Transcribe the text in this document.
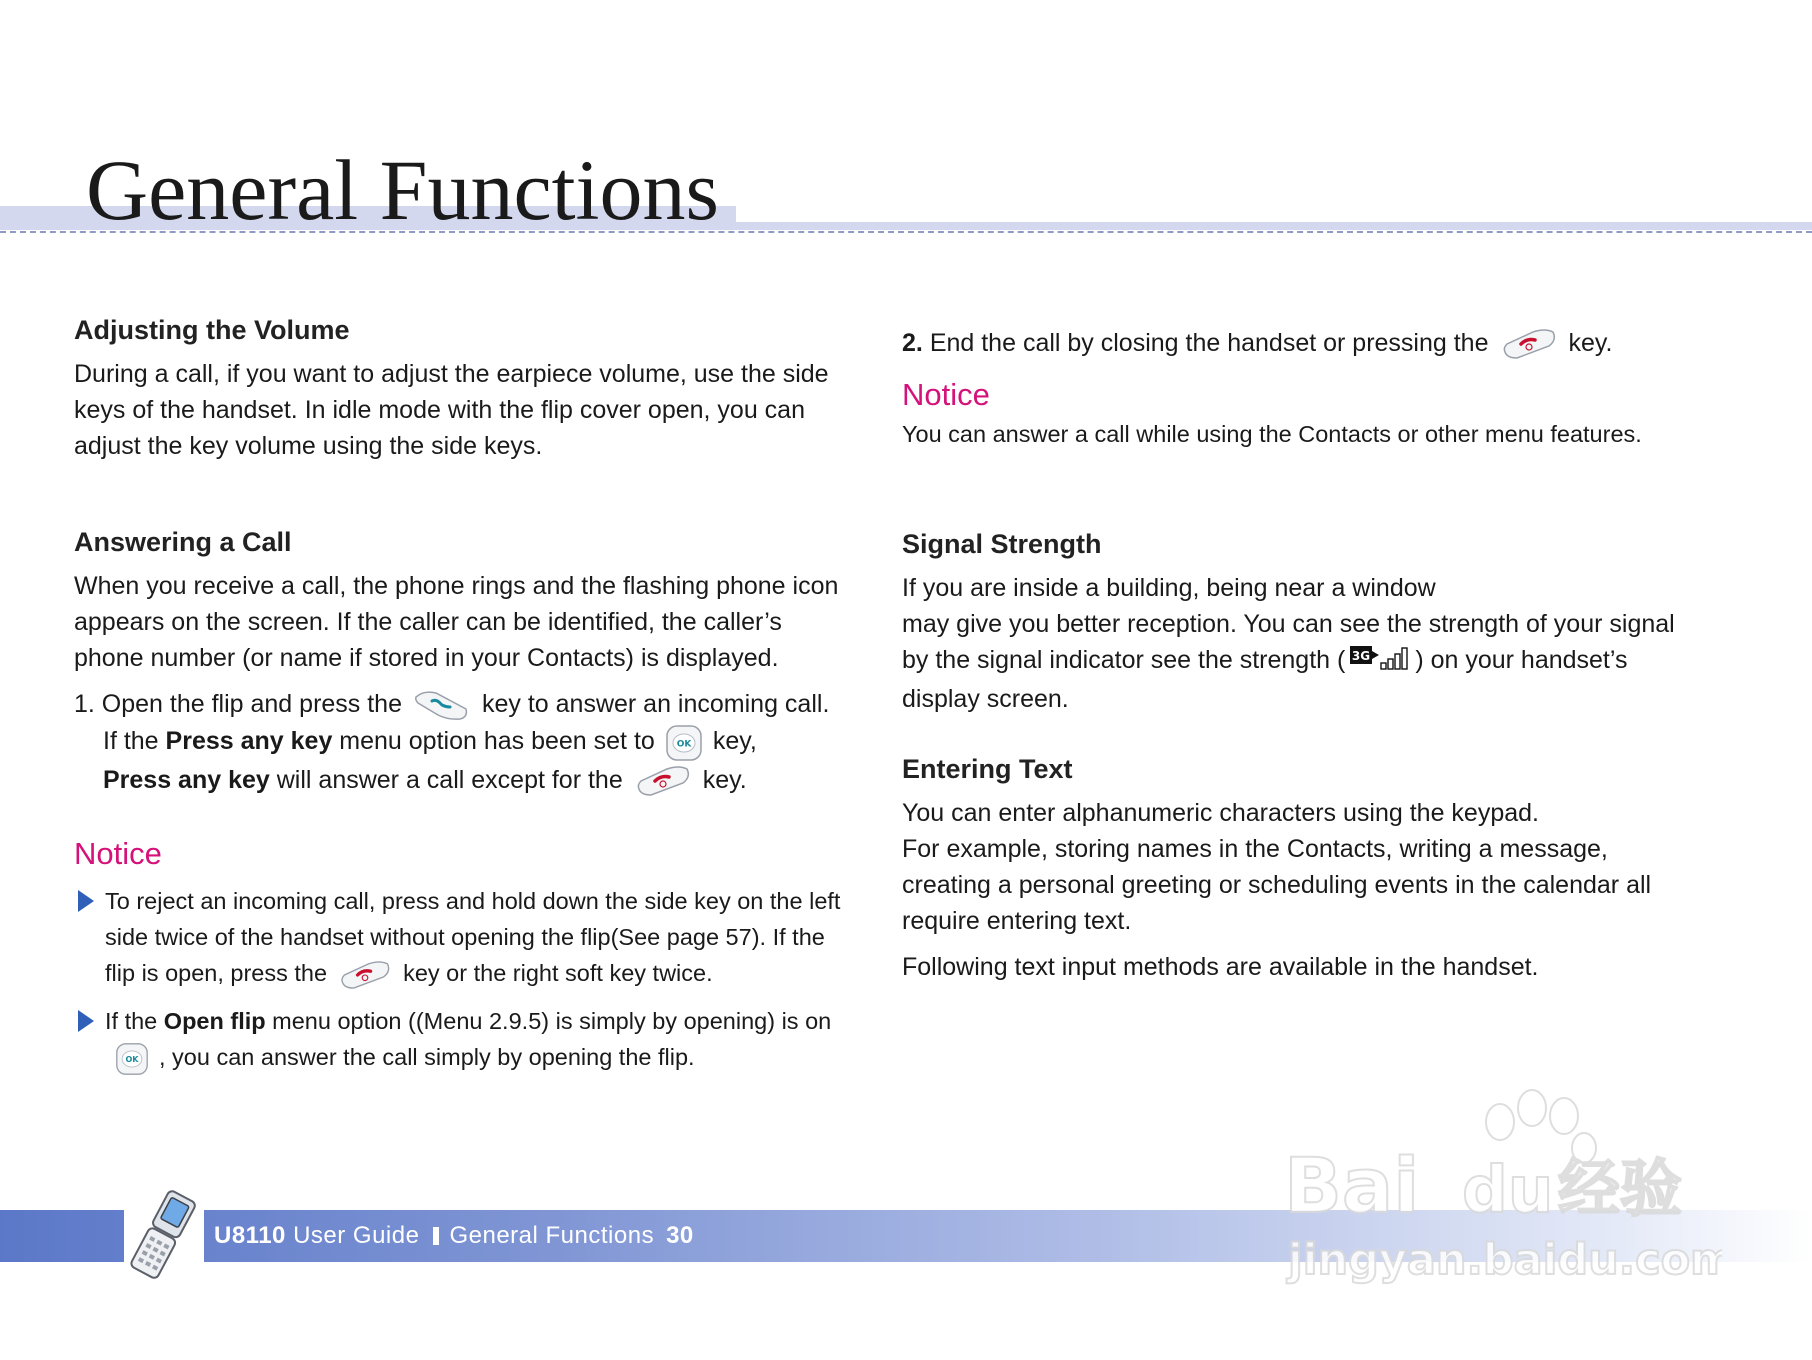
General Functions
Adjusting the Volume

During a call, if you want to adjust the earpiece volume, use the side keys of the handset. In idle mode with the flip cover open, you can adjust the key volume using the side keys.

Answering a Call

When you receive a call, the phone rings and the flashing phone icon appears on the screen. If the caller can be identified, the caller’s phone number (or name if stored in your Contacts) is displayed.

1. Open the flip and press the	key to answer an incoming call.
If the Press any key menu option has been set to OK key,
Press any key will answer a call except for the	key.

Notice
To reject an incoming call, press and hold down the side key on the left side twice of the handset without opening the flip(See page 57). If the flip is open, press the	key or the right soft key twice.
If the Open flip menu option ((Menu 2.9.5) is simply by opening) is on
OK , you can answer the call simply by opening the flip.

2. End the call by closing the handset or pressing the	key.

Notice

You can answer a call while using the Contacts or other menu features.

Signal Strength

If you are inside a building, being near a window
may give you better reception. You can see the strength of your signal by the signal indicator see the strength ( 3G ) on your handset’s display screen.

Entering Text

You can enter alphanumeric characters using the keypad.
For example, storing names in the Contacts, writing a message, creating a personal greeting or scheduling events in the calendar all require entering text.

Following text input methods are available in the handset.

U8110 User Guide General Functions 30
Bai du 经验
jingyan.baidu.com
